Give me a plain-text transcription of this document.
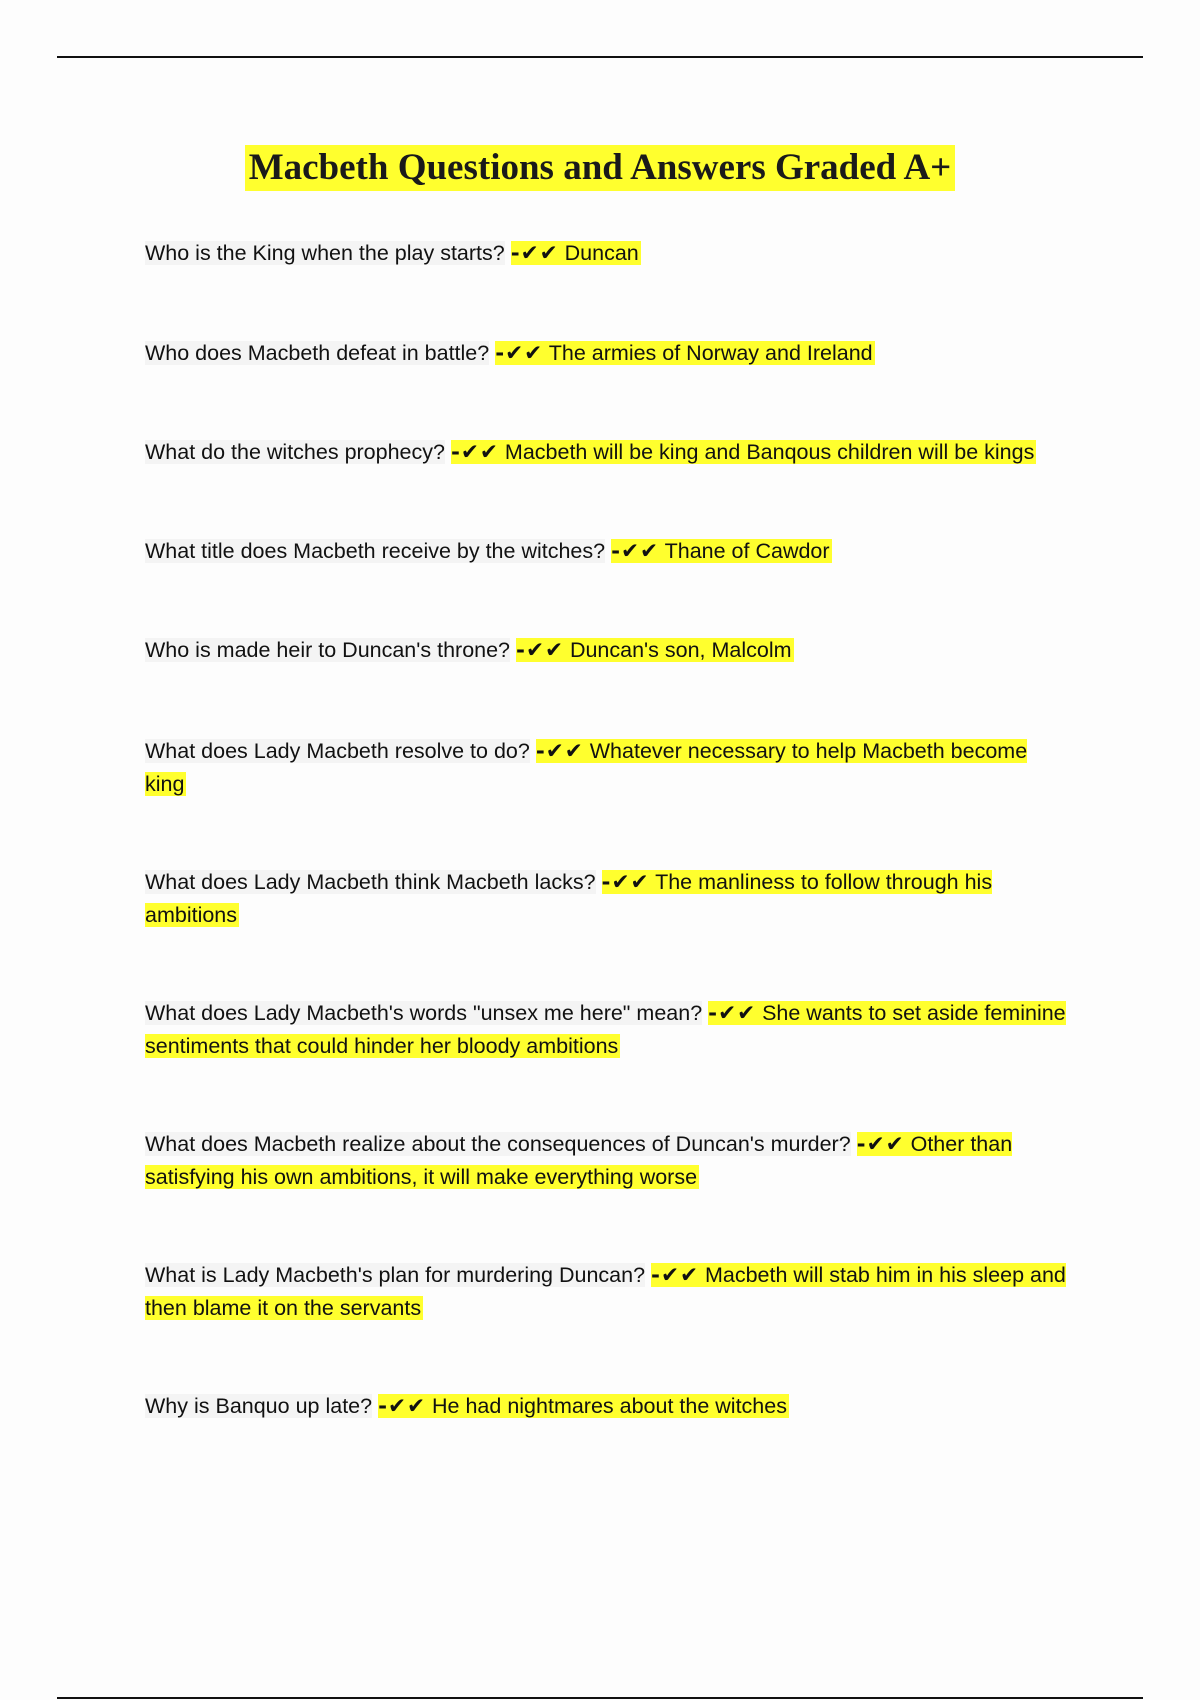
Macbeth Questions and Answers Graded A+
Who is the King when the play starts? -✔✔ Duncan
Who does Macbeth defeat in battle? -✔✔ The armies of Norway and Ireland
What do the witches prophecy? -✔✔ Macbeth will be king and Banqous children will be kings
What title does Macbeth receive by the witches? -✔✔ Thane of Cawdor
Who is made heir to Duncan's throne? -✔✔ Duncan's son, Malcolm
What does Lady Macbeth resolve to do? -✔✔ Whatever necessary to help Macbeth become king
What does Lady Macbeth think Macbeth lacks? -✔✔ The manliness to follow through his ambitions
What does Lady Macbeth's words "unsex me here" mean? -✔✔ She wants to set aside feminine sentiments that could hinder her bloody ambitions
What does Macbeth realize about the consequences of Duncan's murder? -✔✔ Other than satisfying his own ambitions, it will make everything worse
What is Lady Macbeth's plan for murdering Duncan? -✔✔ Macbeth will stab him in his sleep and then blame it on the servants
Why is Banquo up late? -✔✔ He had nightmares about the witches
